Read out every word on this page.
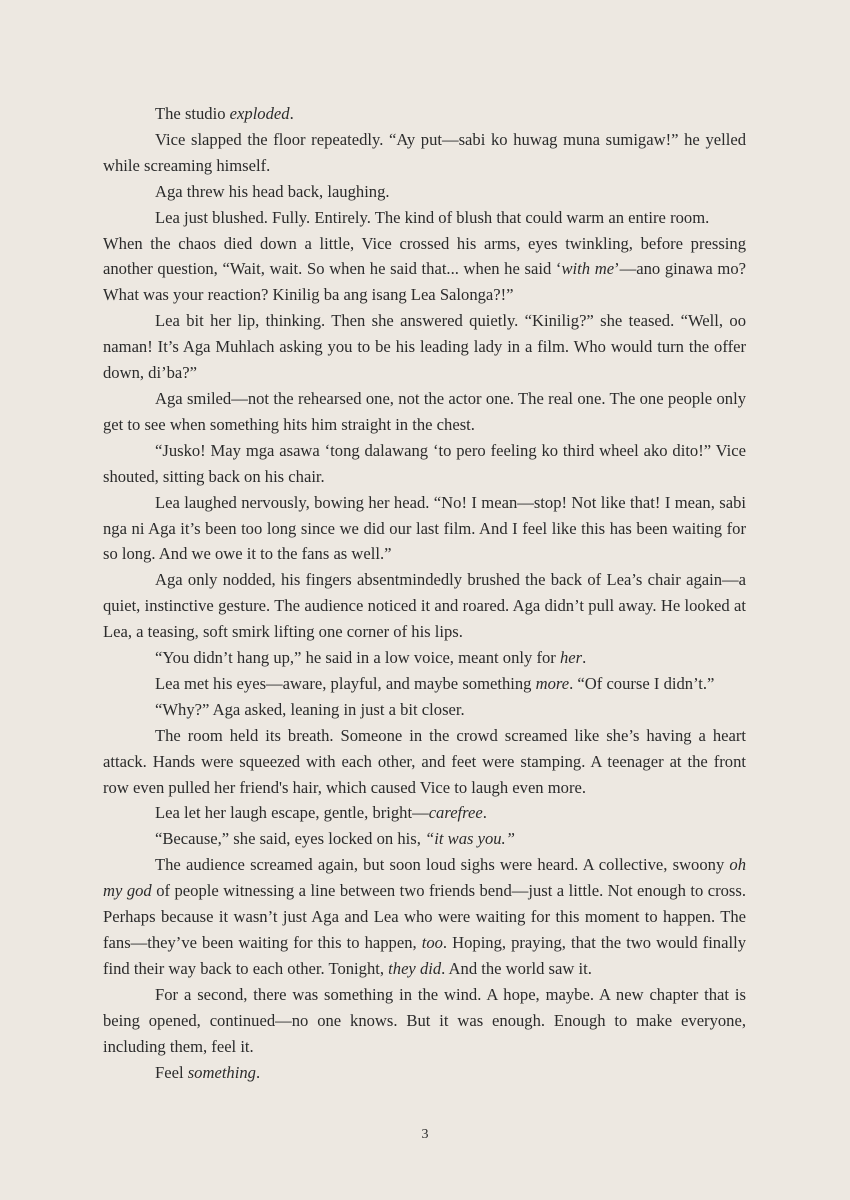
The studio exploded.

Vice slapped the floor repeatedly. “Ay put—sabi ko huwag muna sumigaw!” he yelled while screaming himself.

Aga threw his head back, laughing.

Lea just blushed. Fully. Entirely. The kind of blush that could warm an entire room.

When the chaos died down a little, Vice crossed his arms, eyes twinkling, before pressing another question, “Wait, wait. So when he said that... when he said ‘with me’—ano ginawa mo? What was your reaction? Kinilig ba ang isang Lea Salonga?!”

Lea bit her lip, thinking. Then she answered quietly. “Kinilig?” she teased. “Well, oo naman! It’s Aga Muhlach asking you to be his leading lady in a film. Who would turn the offer down, di’ba?”

Aga smiled—not the rehearsed one, not the actor one. The real one. The one people only get to see when something hits him straight in the chest.

“Jusko! May mga asawa ‘tong dalawang ‘to pero feeling ko third wheel ako dito!” Vice shouted, sitting back on his chair.

Lea laughed nervously, bowing her head. “No! I mean—stop! Not like that! I mean, sabi nga ni Aga it’s been too long since we did our last film. And I feel like this has been waiting for so long. And we owe it to the fans as well.”

Aga only nodded, his fingers absentmindedly brushed the back of Lea’s chair again—a quiet, instinctive gesture. The audience noticed it and roared. Aga didn’t pull away. He looked at Lea, a teasing, soft smirk lifting one corner of his lips.

“You didn’t hang up,” he said in a low voice, meant only for her.

Lea met his eyes—aware, playful, and maybe something more. “Of course I didn’t.”

“Why?” Aga asked, leaning in just a bit closer.

The room held its breath. Someone in the crowd screamed like she’s having a heart attack. Hands were squeezed with each other, and feet were stamping. A teenager at the front row even pulled her friend's hair, which caused Vice to laugh even more.

Lea let her laugh escape, gentle, bright—carefree.

“Because,” she said, eyes locked on his, “it was you.”

The audience screamed again, but soon loud sighs were heard. A collective, swoony oh my god of people witnessing a line between two friends bend—just a little. Not enough to cross. Perhaps because it wasn’t just Aga and Lea who were waiting for this moment to happen. The fans—they’ve been waiting for this to happen, too. Hoping, praying, that the two would finally find their way back to each other. Tonight, they did. And the world saw it.

For a second, there was something in the wind. A hope, maybe. A new chapter that is being opened, continued—no one knows. But it was enough. Enough to make everyone, including them, feel it.

Feel something.

3
